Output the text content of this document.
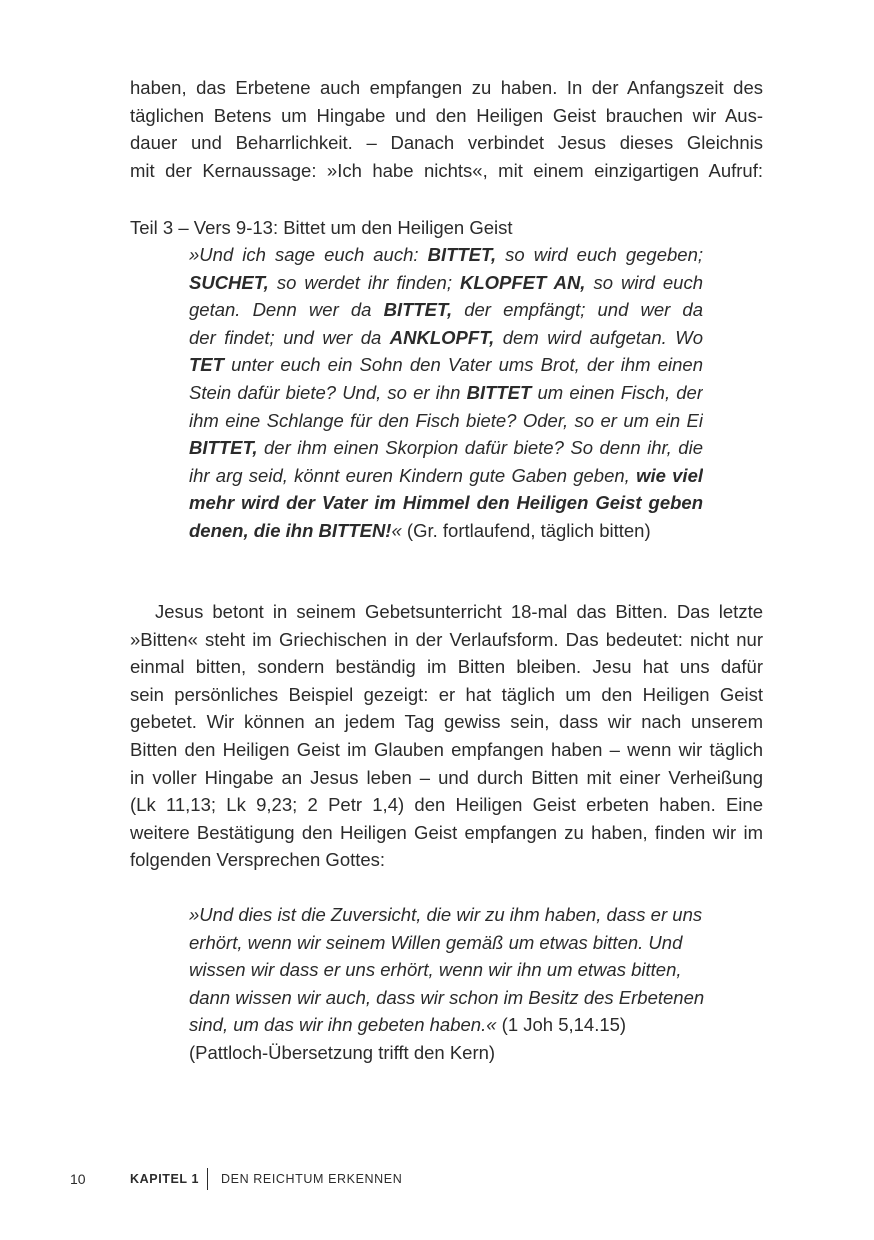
haben, das Erbetene auch empfangen zu haben. In der Anfangszeit des
täglichen Betens um Hingabe und den Heiligen Geist brauchen wir Aus-
dauer und Beharrlichkeit. – Danach verbindet Jesus dieses Gleichnis
mit der Kernaussage: »Ich habe nichts«, mit einem einzigartigen Aufruf:
Teil 3 – Vers 9-13: Bittet um den Heiligen Geist
»Und ich sage euch auch: BITTET, so wird euch gegeben;
SUCHET, so werdet ihr finden; KLOPFET AN, so wird euch
getan. Denn wer da BITTET, der empfängt; und wer da
der findet; und wer da ANKLOPFT, dem wird aufgetan. Wo
TET unter euch ein Sohn den Vater ums Brot, der ihm einen
Stein dafür biete? Und, so er ihn BITTET um einen Fisch, der
ihm eine Schlange für den Fisch biete? Oder, so er um ein Ei
BITTET, der ihm einen Skorpion dafür biete? So denn ihr, die
ihr arg seid, könnt euren Kindern gute Gaben geben, wie viel
mehr wird der Vater im Himmel den Heiligen Geist geben
denen, die ihn BITTEN!« (Gr. fortlaufend, täglich bitten)
Jesus betont in seinem Gebetsunterricht 18-mal das Bitten. Das letzte
»Bitten« steht im Griechischen in der Verlaufsform. Das bedeutet: nicht nur
einmal bitten, sondern beständig im Bitten bleiben. Jesu hat uns dafür
sein persönliches Beispiel gezeigt: er hat täglich um den Heiligen Geist
gebetet. Wir können an jedem Tag gewiss sein, dass wir nach unserem
Bitten den Heiligen Geist im Glauben empfangen haben – wenn wir täglich
in voller Hingabe an Jesus leben – und durch Bitten mit einer Verheißung
(Lk 11,13; Lk 9,23; 2 Petr 1,4) den Heiligen Geist erbeten haben. Eine
weitere Bestätigung den Heiligen Geist empfangen zu haben, finden wir im
folgenden Versprechen Gottes:
»Und dies ist die Zuversicht, die wir zu ihm haben, dass er uns
erhört, wenn wir seinem Willen gemäß um etwas bitten. Und
wissen wir dass er uns erhört, wenn wir ihn um etwas bitten,
dann wissen wir auch, dass wir schon im Besitz des Erbetenen
sind, um das wir ihn gebeten haben.« (1 Joh 5,14.15)
(Pattloch-Übersetzung trifft den Kern)
10	KAPITEL 1 DEN REICHTUM ERKENNEN
